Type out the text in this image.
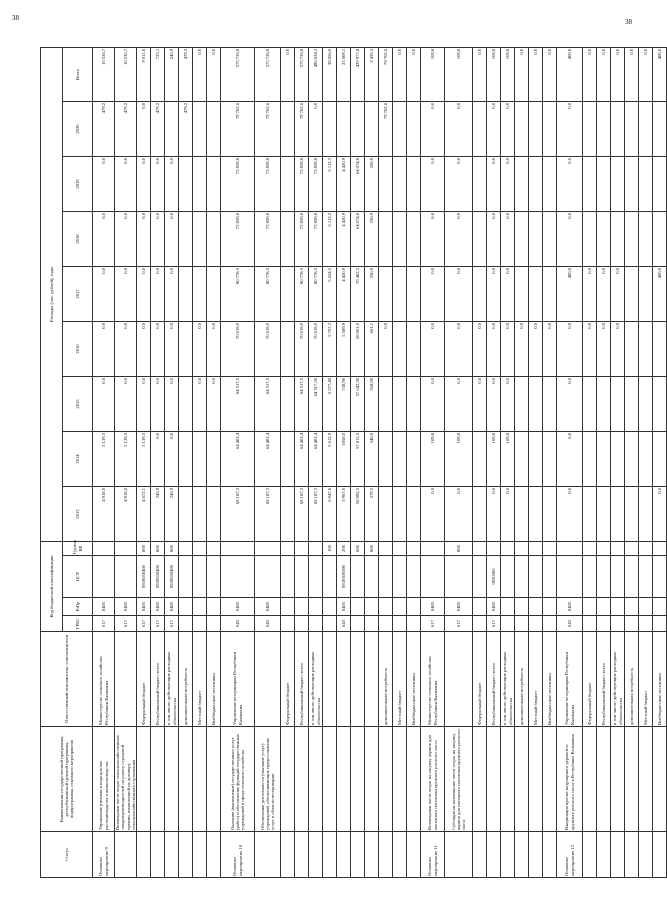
38	38
Статус	Наименование государственной программы, республиканской целевой программы, подпрограммы, основного мероприятия	Ответственный исполнитель, соисполнители	Код бюджетной классификации				Расходы (тыс. рублей), годы								
			ГРБС	РзПр	ЦСР	Группа ВР	2013	2014	2015	2016	2017	2018	2019	2020	Всего
Основное мероприятие 9	Управление рисками в подотраслях растениеводства и животноводства	Министерство сельского хозяйства Республики Калмыкия	617	0405			4 918,0	5 139,5	0,0	0,0	0,0	0,0	0,0	479,2	10 536,7
	Возмещение части затрат сельскохозяйственных товаропроизводителей на уплату страховой премии, начисленной по договору сельскохозяйственного страхования		617	0405			4 918,0	5 139,5	0,0	0,0	0,0	0,0	0,0	479,2	10 536,7
		Федеральный бюджет	617	0405	0920050460	800	4 672,1	5 139,5	0,0	0,0	0,0	0,0	0,0	0,0	9 811,6
		Республиканский бюджет всего	617	0405	0920050460	800	245,9	0,0	0,0	0,0	0,0	0,0	0,0	479,2	725,1
		в том числе: действующие расходные обязательства	617	0405	0920050460	800	245,9	0,0	0,0	0,0	0,0	0,0	0,0		245,9
		дополнительная потребность												479,2	479,2
		Местный бюджет							0,0	0,0					0,0
		Внебюджетные источники							0,0	0,0					0,0
Основное мероприятие 10	Оказание (выполнение) государственных услуг (работ) и обеспечение функций государственных учреждений в сфере сельского хозяйства	Управление ветеринарии Республики Калмыкия	643	0405			68 187,2	64 402,4	64 317,5	70 019,0	80 778,5	73 859,8	73 859,8	79 702,6	575 726,8
	Обеспечение деятельности (оказание услуг) учреждений, обеспечивающих предоставление услуг в области ветеринарии		643	0405			68 187,2	64 402,4	64 317,5	70 019,0	80 778,5	73 859,8	73 859,8	79 702,6	575 726,8
		Федеральный бюджет													0,0
		Республиканский бюджет всего					68 187,2	64 402,4	64 317,5	70 019,0	80 778,5	73 859,8	73 859,8	79 702,6	575 726,8
		в том числе: действующие расходные обязательства					68 187,2	64 402,4	64 317,50	70 019,0	80 778,5	73 859,8	73 859,8	0,0	496 024,2
						100	6 047,6	5 612,9	5 577,40	5 767,2	5 624,5	5 113,2	5 113,2		38 856,0
			643	0405	0920300590	200	3 967,0	1058,0	738,90	5 589,9	4 420,9	4 420,9	4 420,9		25 609,1
						600	58 092,5	57 611,5	57 642,30	58 001,0	70 482,2	64 074,8	64 074,8		429 977,8
						800	379,5	340,0	358,90	661,1	250,9	250,9	250,9		2 435,3
		дополнительная потребность								0,0				79 702,6	79 702,6
		Местный бюджет													0,0
		Внебюджетные источники													0,0
Основное мероприятие 11	Возмещение части затрат на закупку кормов для маточного поголовья крупного рогатого скота	Министерство сельского хозяйства Республики Калмыкия	617	0405			0,0	109,8	0,0	0,0	0,0	0,0	0,0	0,0	109,8
	Субсидия на возмещение части затрат на закупку кормов для маточного поголовья крупного рогатого скота		617	0405		800	0,0	109,8	0,0	0,0	0,0	0,0	0,0	0,0	109,8
		Федеральный бюджет							0,0	0,0					0,0
		Республиканский бюджет всего	617	0405	0920306		0,0	109,8	0,0	0,0	0,0	0,0	0,0	0,0	109,8
		в том числе: действующие расходные обязательства					0,0	109,8	0,0	0,0	0,0	0,0	0,0	0,0	109,8
		дополнительная потребность								0,0					0,0
		Местный бюджет								0,0					0,0
		Внебюджетные источники								0,0					0,0
Основное мероприятие 12	Вакцинация против нодулярного дерматита крупного рогатого скота в Республике Калмыкия	Управление ветеринарии Республики Калмыкия	643	0405			0,0	0,0	0,0	0,0	400,0	0,0	0,0	0,0	400,0
		Федеральный бюджет								0,0	0,0				0,0
		Республиканский бюджет всего								0,0	0,0				0,0
		в том числе: действующие расходные обязательства								0,0	0,0				0,0
		дополнительная потребность													0,0
		Местный бюджет													0,0
		Внебюджетные источники					0,0				400,0				400,0
